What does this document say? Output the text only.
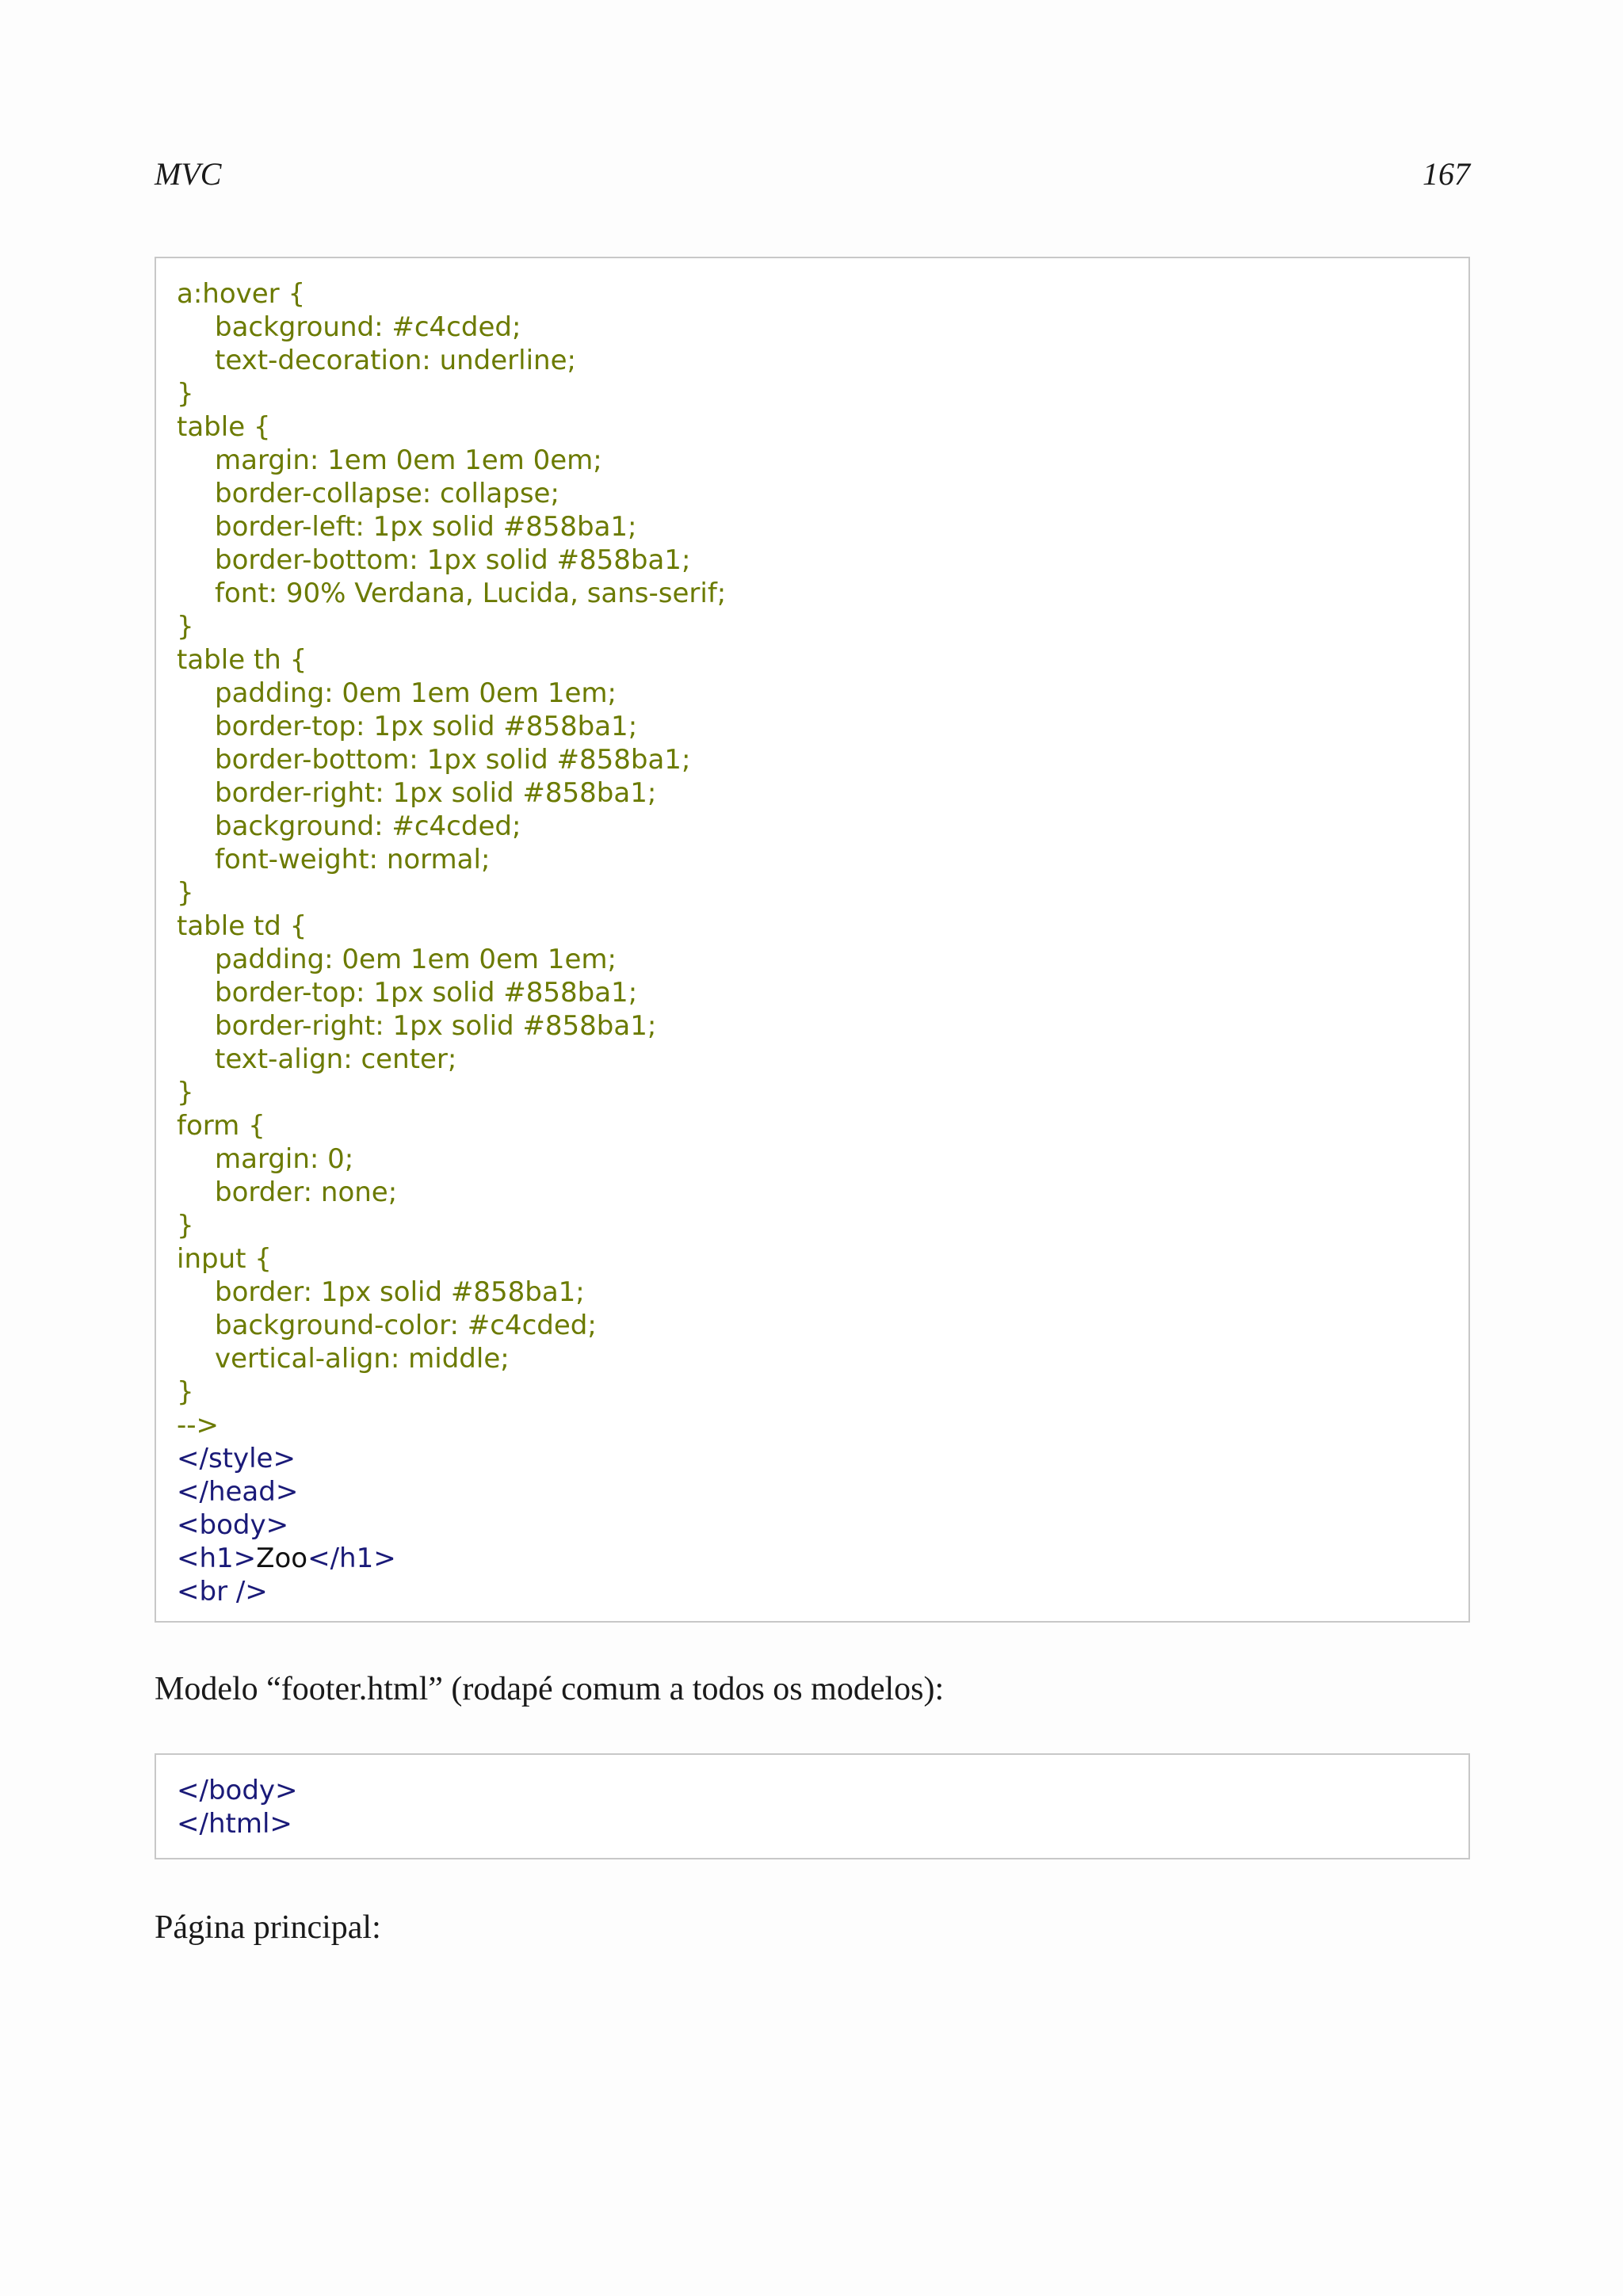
MVC	167
a:hover {
background: #c4cded;
text-decoration: underline;
}
table {
margin: 1em 0em 1em 0em;
border-collapse: collapse;
border-left: 1px solid #858ba1;
border-bottom: 1px solid #858ba1;
font: 90% Verdana, Lucida, sans-serif;
}
table th {
padding: 0em 1em 0em 1em;
border-top: 1px solid #858ba1;
border-bottom: 1px solid #858ba1;
border-right: 1px solid #858ba1;
background: #c4cded;
font-weight: normal;
}
table td {
padding: 0em 1em 0em 1em;
border-top: 1px solid #858ba1;
border-right: 1px solid #858ba1;
text-align: center;
}
form {
margin: 0;
border: none;
}
input {
border: 1px solid #858ba1;
background-color: #c4cded;
vertical-align: middle;
}
-->
</style>
</head>
<body>
<h1>Zoo</h1>
<br />
Modelo “footer.html” (rodapé comum a todos os modelos):
</body>
</html>
Página principal:
